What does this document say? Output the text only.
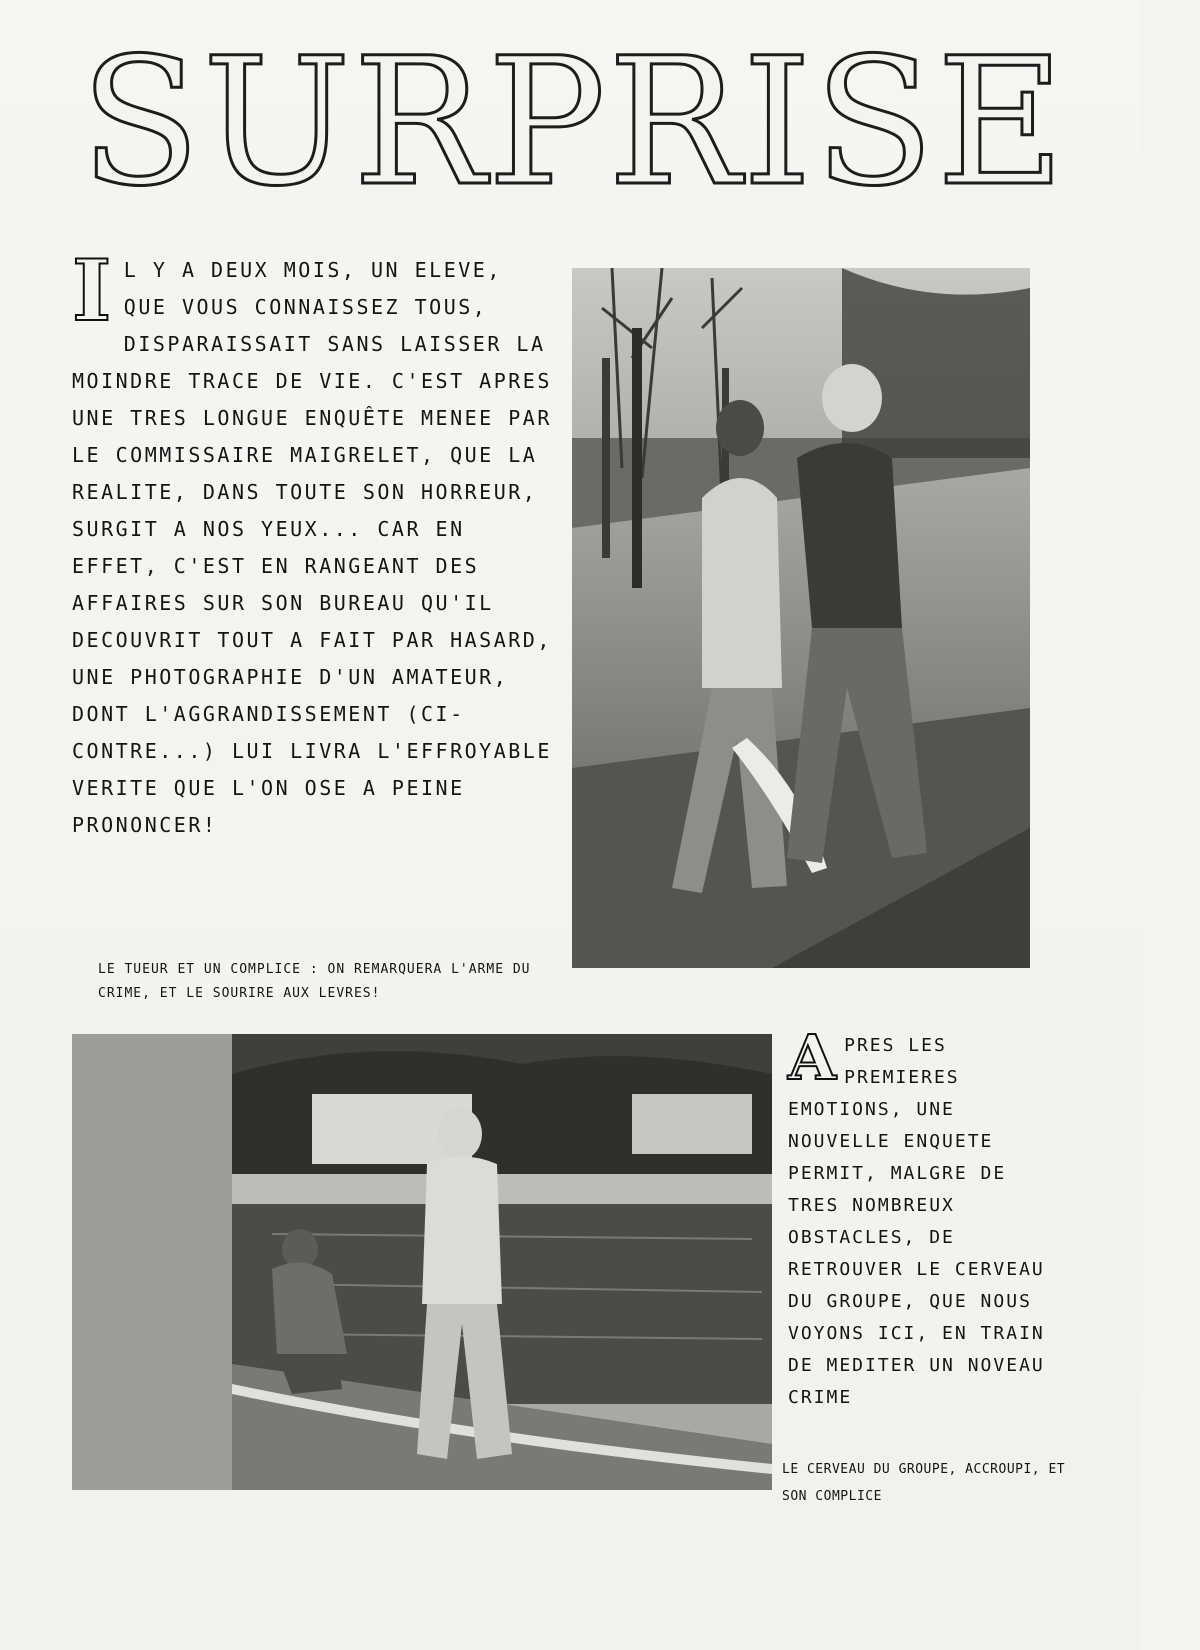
SURPRISE
I L Y A DEUX MOIS, UN ELEVE, QUE VOUS CONNAISSEZ TOUS, DISPARAISSAIT SANS LAISSER LA MOINDRE TRACE DE VIE. C'EST APRES UNE TRES LONGUE ENQUÊTE MENEE PAR LE COMMISSAIRE MAIGRELET, QUE LA REALITE, DANS TOUTE SON HORREUR, SURGIT A NOS YEUX... CAR EN EFFET, C'EST EN RANGEANT DES AFFAIRES SUR SON BUREAU QU'IL DECOUVRIT TOUT A FAIT PAR HASARD, UNE PHOTOGRAPHIE D'UN AMATEUR, DONT L'AGGRANDISSEMENT (CI-CONTRE...) LUI LIVRA L'EFFROYABLE VERITE QUE L'ON OSE A PEINE PRONONCER!
LE TUEUR ET UN COMPLICE : ON REMARQUERA L'ARME DU CRIME, ET LE SOURIRE AUX LEVRES!
A PRES LES PREMIERES EMOTIONS, UNE NOUVELLE ENQUETE PERMIT, MALGRE DE TRES NOMBREUX OBSTACLES, DE RETROUVER LE CERVEAU DU GROUPE, QUE NOUS VOYONS ICI, EN TRAIN DE MEDITER UN NOVEAU CRIME
LE CERVEAU DU GROUPE, ACCROUPI, ET SON COMPLICE
